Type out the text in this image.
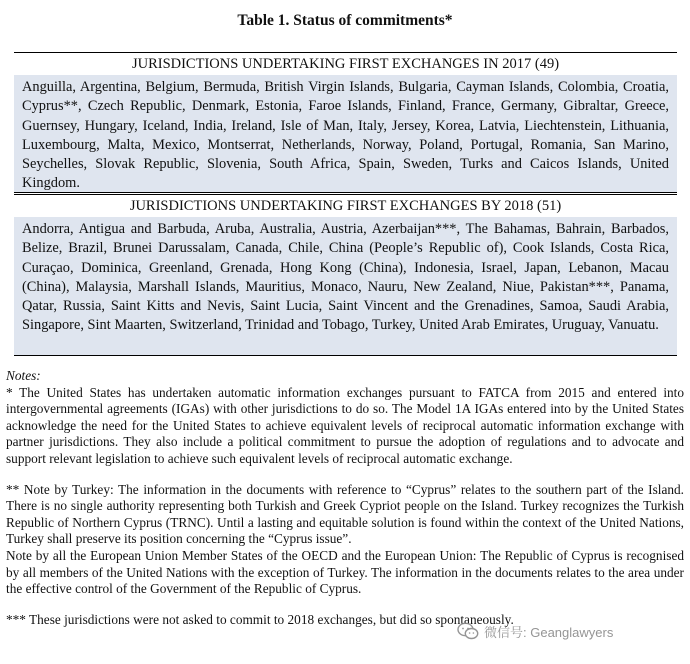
Table 1. Status of commitments*
JURISDICTIONS UNDERTAKING FIRST EXCHANGES IN 2017 (49)
Anguilla, Argentina, Belgium, Bermuda, British Virgin Islands, Bulgaria, Cayman Islands, Colombia, Croatia, Cyprus**, Czech Republic, Denmark, Estonia, Faroe Islands, Finland, France, Germany, Gibraltar, Greece, Guernsey, Hungary, Iceland, India, Ireland, Isle of Man, Italy, Jersey, Korea, Latvia, Liechtenstein, Lithuania, Luxembourg, Malta, Mexico, Montserrat, Netherlands, Norway, Poland, Portugal, Romania, San Marino, Seychelles, Slovak Republic, Slovenia, South Africa, Spain, Sweden, Turks and Caicos Islands, United Kingdom.
JURISDICTIONS UNDERTAKING FIRST EXCHANGES BY 2018 (51)
Andorra, Antigua and Barbuda, Aruba, Australia, Austria, Azerbaijan***, The Bahamas, Bahrain, Barbados, Belize, Brazil, Brunei Darussalam, Canada, Chile, China (People’s Republic of), Cook Islands, Costa Rica, Curaçao, Dominica, Greenland, Grenada, Hong Kong (China), Indonesia, Israel, Japan, Lebanon, Macau (China), Malaysia, Marshall Islands, Mauritius, Monaco, Nauru, New Zealand, Niue, Pakistan***, Panama, Qatar, Russia, Saint Kitts and Nevis, Saint Lucia, Saint Vincent and the Grenadines, Samoa, Saudi Arabia, Singapore, Sint Maarten, Switzerland, Trinidad and Tobago, Turkey, United Arab Emirates, Uruguay, Vanuatu.

Notes:

* The United States has undertaken automatic information exchanges pursuant to FATCA from 2015 and entered into intergovernmental agreements (IGAs) with other jurisdictions to do so. The Model 1A IGAs entered into by the United States acknowledge the need for the United States to achieve equivalent levels of reciprocal automatic information exchange with partner jurisdictions. They also include a political commitment to pursue the adoption of regulations and to advocate and support relevant legislation to achieve such equivalent levels of reciprocal automatic exchange.

** Note by Turkey: The information in the documents with reference to “Cyprus” relates to the southern part of the Island. There is no single authority representing both Turkish and Greek Cypriot people on the Island. Turkey recognizes the Turkish Republic of Northern Cyprus (TRNC). Until a lasting and equitable solution is found within the context of the United Nations, Turkey shall preserve its position concerning the “Cyprus issue”.

Note by all the European Union Member States of the OECD and the European Union: The Republic of Cyprus is recognised by all members of the United Nations with the exception of Turkey. The information in the documents relates to the area under the effective control of the Government of the Republic of Cyprus.

*** These jurisdictions were not asked to commit to 2018 exchanges, but did so spontaneously.

微信号: Geanglawyers
